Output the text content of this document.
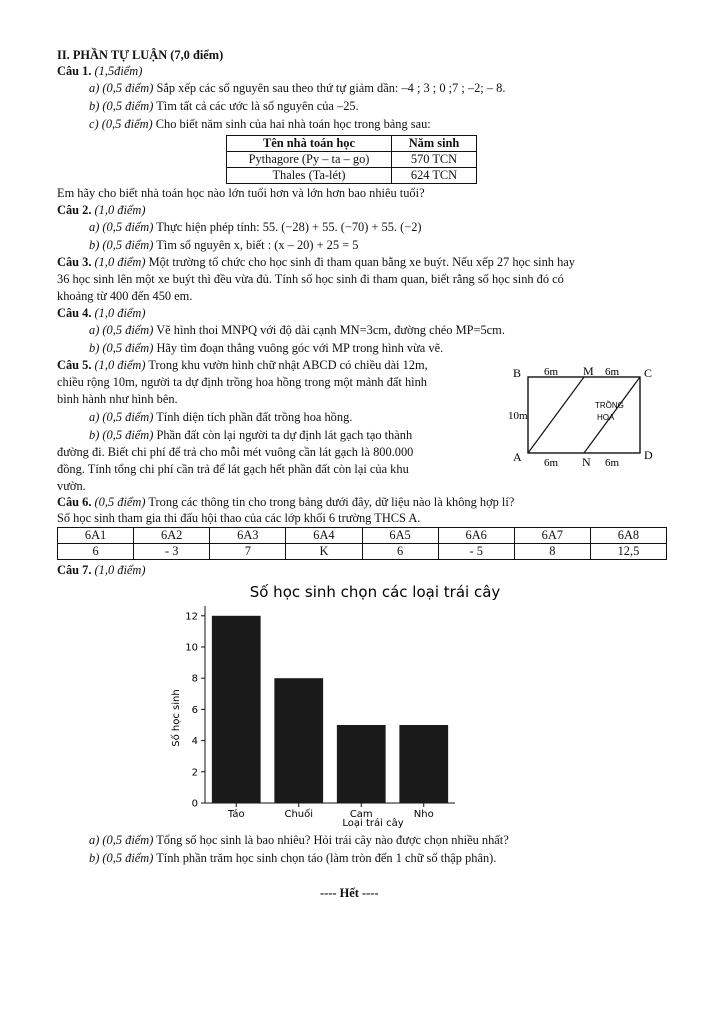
II. PHẦN TỰ LUẬN (7,0 điểm)
Câu 1. (1,5điểm)
a) (0,5 điểm) Sắp xếp các số nguyên sau theo thứ tự giảm dần: –4 ; 3 ; 0 ;7 ; –2; – 8.
b) (0,5 điểm) Tìm tất cả các ước là số nguyên của –25.
c) (0,5 điểm) Cho biết năm sinh của hai nhà toán học trong bảng sau:
Tên nhà toán học	Năm sinh
Pythagore (Py – ta – go)	570 TCN
Thales (Ta-lét)	624 TCN
Em hãy cho biết nhà toán học nào lớn tuổi hơn và lớn hơn bao nhiêu tuổi?
Câu 2. (1,0 điểm)
a) (0,5 điểm) Thực hiện phép tính: 55. (−28) + 55. (−70) + 55. (−2)
b) (0,5 điểm) Tìm số nguyên x, biết : (x – 20) + 25 = 5
Câu 3. (1,0 điểm) Một trường tổ chức cho học sinh đi tham quan bằng xe buýt. Nếu xếp 27 học sinh hay
36 học sinh lên một xe buýt thì đều vừa đủ. Tính số học sinh đi tham quan, biết rằng số học sinh đó có
khoảng từ 400 đến 450 em.
Câu 4. (1,0 điểm)
a) (0,5 điểm) Vẽ hình thoi MNPQ với độ dài cạnh MN=3cm, đường chéo MP=5cm.
b) (0,5 điểm) Hãy tìm đoạn thẳng vuông góc với MP trong hình vừa vẽ.
Câu 5. (1,0 điểm) Trong khu vườn hình chữ nhật ABCD có chiều dài 12m,
chiều rộng 10m, người ta dự định trồng hoa hồng trong một mảnh đất hình
bình hành như hình bên.
a) (0,5 điểm) Tính diện tích phần đất trồng hoa hồng.
b) (0,5 điểm) Phần đất còn lại người ta dự định lát gạch tạo thành
đường đi. Biết chi phí để trả cho mỗi mét vuông cần lát gạch là 800.000
đồng. Tính tổng chi phí cần trả để lát gạch hết phần đất còn lại của khu
vườn.
B	M	C
A	N	D
6m	6m
6m	6m
10m
TRỒNG
HOA
Câu 6. (0,5 điểm) Trong các thông tin cho trong bảng dưới đây, dữ liệu nào là không hợp lí?
Số học sinh tham gia thi đấu hội thao của các lớp khối 6 trường THCS A.
6A1	6A2	6A3	6A4	6A5	6A6	6A7	6A8
6	- 3	7	K	6	- 5	8	12,5
Câu 7. (1,0 điểm)
Số học sinh chọn các loại trái cây
Số học sinh
Loại trái cây
0
2
4
6
8
10
12
Táo	Chuối	Cam	Nho
a) (0,5 điểm) Tổng số học sinh là bao nhiêu? Hỏi trái cây nào được chọn nhiều nhất?
b) (0,5 điểm) Tính phần trăm học sinh chọn táo (làm tròn đến 1 chữ số thập phân).
---- Hết ----
